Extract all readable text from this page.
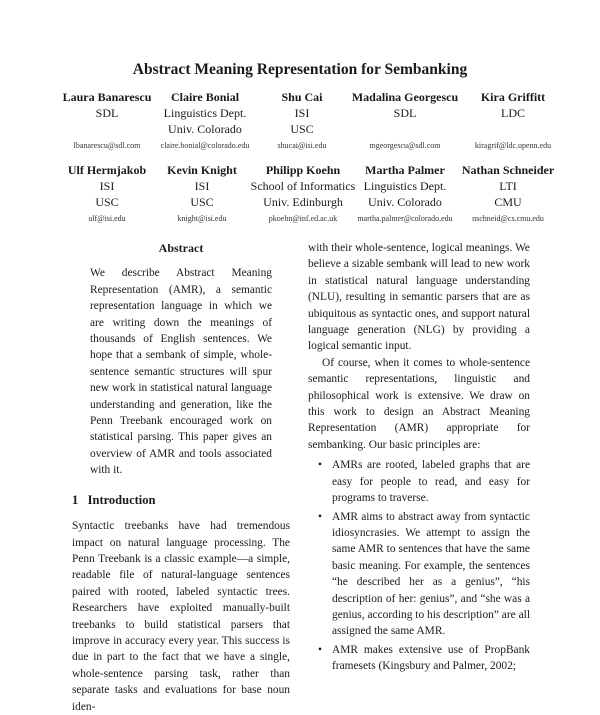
Abstract Meaning Representation for Sembanking
Laura Banarescu
SDL
lbanarescu@sdl.com
Claire Bonial
Linguistics Dept.
Univ. Colorado
claire.bonial@colorado.edu
Shu Cai
ISI
USC
shucai@isi.edu
Madalina Georgescu
SDL
mgeorgescu@sdl.com
Kira Griffitt
LDC
kiragrif@ldc.upenn.edu
Ulf Hermjakob
ISI
USC
ulf@isi.edu
Kevin Knight
ISI
USC
knight@isi.edu
Philipp Koehn
School of Informatics
Univ. Edinburgh
pkoehn@inf.ed.ac.uk
Martha Palmer
Linguistics Dept.
Univ. Colorado
martha.palmer@colorado.edu
Nathan Schneider
LTI
CMU
nschneid@cs.cmu.edu

Abstract

We describe Abstract Meaning Representation (AMR), a semantic representation language in which we are writing down the meanings of thousands of English sentences. We hope that a sembank of simple, whole-sentence semantic structures will spur new work in statistical natural language understanding and generation, like the Penn Treebank encouraged work on statistical parsing. This paper gives an overview of AMR and tools associated with it.

1   Introduction

Syntactic treebanks have had tremendous impact on natural language processing. The Penn Treebank is a classic example—a simple, readable file of natural-language sentences paired with rooted, labeled syntactic trees. Researchers have exploited manually-built treebanks to build statistical parsers that improve in accuracy every year. This success is due in part to the fact that we have a single, whole-sentence parsing task, rather than separate tasks and evaluations for base noun iden-

with their whole-sentence, logical meanings. We believe a sizable sembank will lead to new work in statistical natural language understanding (NLU), resulting in semantic parsers that are as ubiquitous as syntactic ones, and support natural language generation (NLG) by providing a logical semantic input.

Of course, when it comes to whole-sentence semantic representations, linguistic and philosophical work is extensive. We draw on this work to design an Abstract Meaning Representation (AMR) appropriate for sembanking. Our basic principles are:

• AMRs are rooted, labeled graphs that are easy for people to read, and easy for programs to traverse.
• AMR aims to abstract away from syntactic idiosyncrasies. We attempt to assign the same AMR to sentences that have the same basic meaning. For example, the sentences “he described her as a genius”, “his description of her: genius”, and “she was a genius, according to his description” are all assigned the same AMR.
• AMR makes extensive use of PropBank framesets (Kingsbury and Palmer, 2002;
